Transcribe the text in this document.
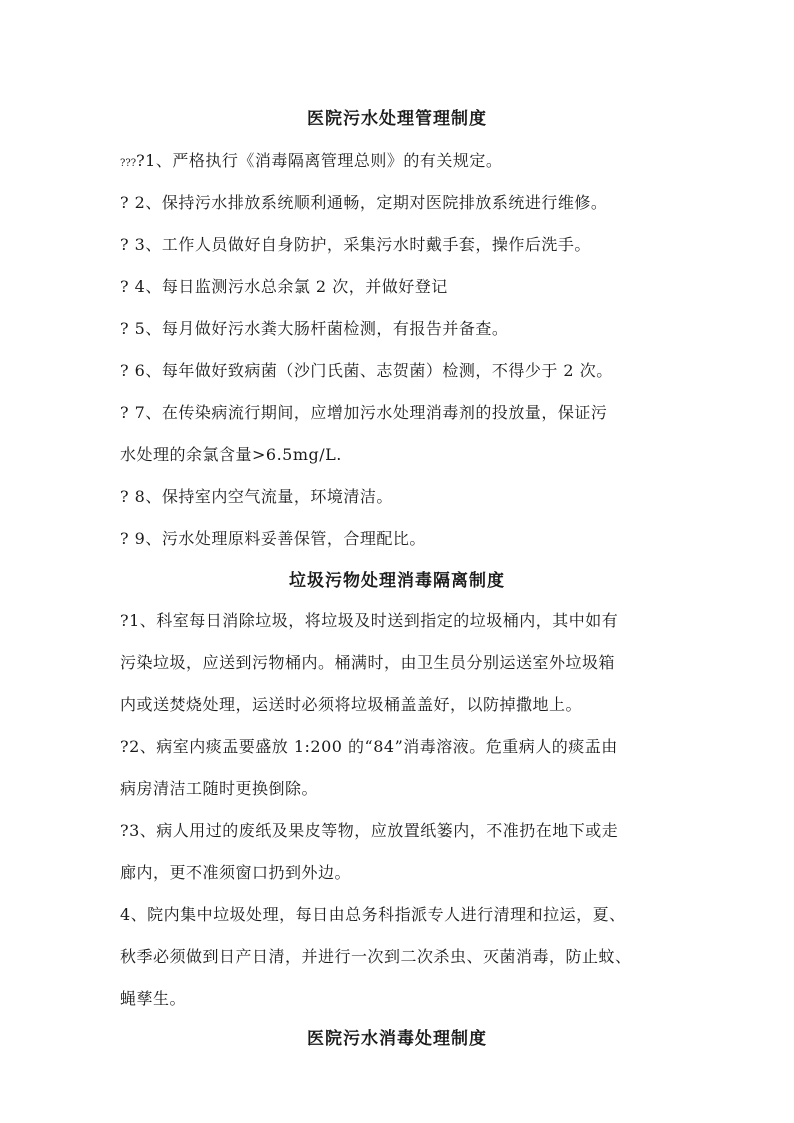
医院污水处理管理制度
????1、严格执行《消毒隔离管理总则》的有关规定。
? 2、保持污水排放系统顺利通畅，定期对医院排放系统进行维修。
? 3、工作人员做好自身防护，采集污水时戴手套，操作后洗手。
? 4、每日监测污水总余氯 2 次，并做好登记
? 5、每月做好污水粪大肠杆菌检测，有报告并备查。
? 6、每年做好致病菌（沙门氏菌、志贺菌）检测，不得少于 2 次。
? 7、在传染病流行期间，应增加污水处理消毒剂的投放量，保证污
水处理的余氯含量>6.5mg/L.
? 8、保持室内空气流量，环境清洁。
? 9、污水处理原料妥善保管，合理配比。
垃圾污物处理消毒隔离制度
?1、科室每日消除垃圾，将垃圾及时送到指定的垃圾桶内，其中如有
污染垃圾，应送到污物桶内。桶满时，由卫生员分别运送室外垃圾箱
内或送焚烧处理，运送时必须将垃圾桶盖盖好，以防掉撒地上。
?2、病室内痰盂要盛放 1:200 的“84”消毒溶液。危重病人的痰盂由
病房清洁工随时更换倒除。
?3、病人用过的废纸及果皮等物，应放置纸篓内，不准扔在地下或走
廊内，更不准须窗口扔到外边。
4、院内集中垃圾处理，每日由总务科指派专人进行清理和拉运，夏、
秋季必须做到日产日清，并进行一次到二次杀虫、灭菌消毒，防止蚊、
蝇孳生。
医院污水消毒处理制度
